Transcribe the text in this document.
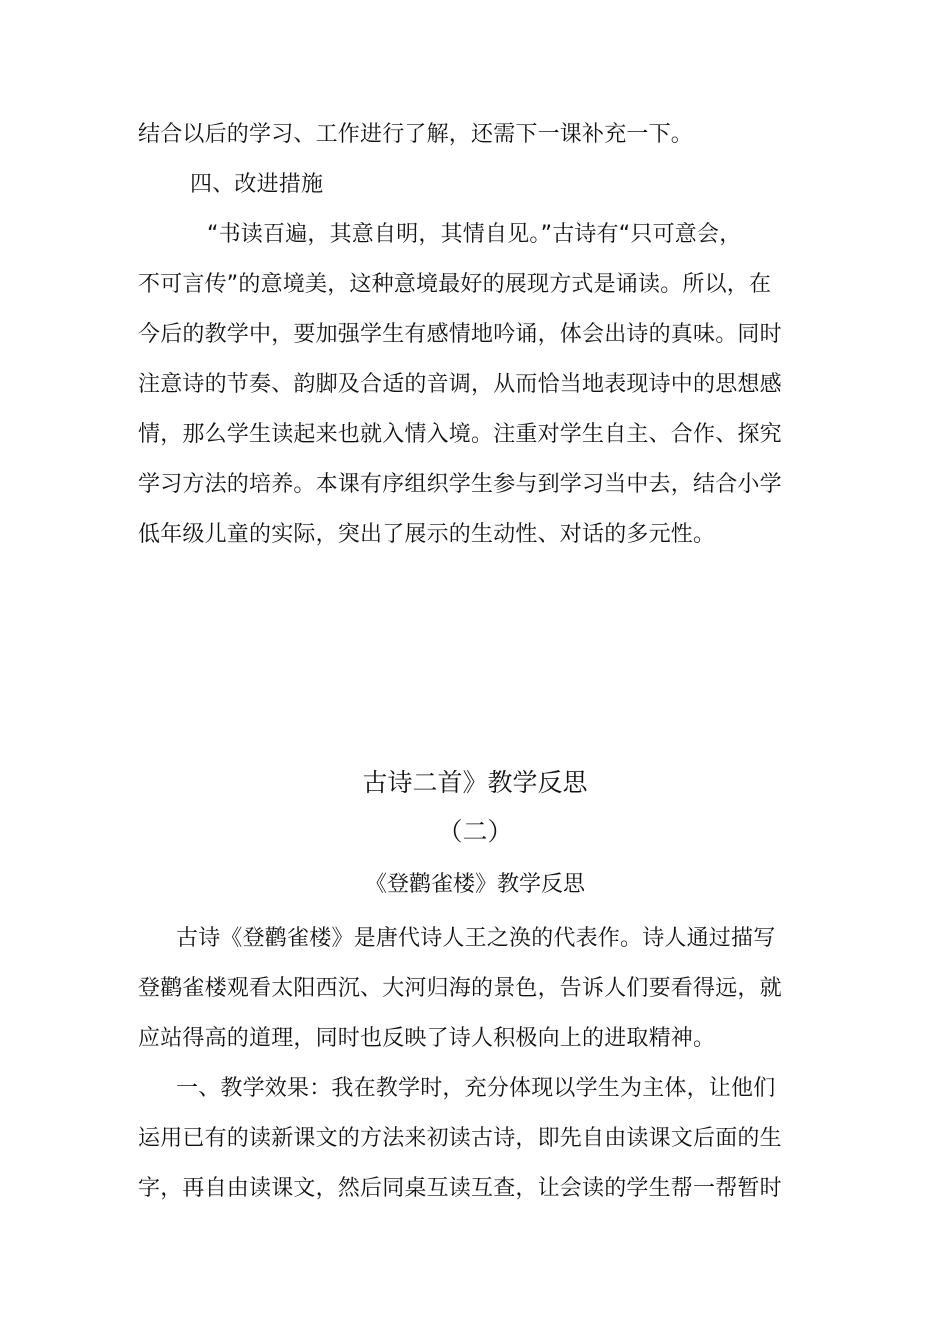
结合以后的学习、工作进行了解，还需下一课补充一下。
四、改进措施
“书读百遍，其意自明，其情自见。”古诗有“只可意会，
不可言传”的意境美，这种意境最好的展现方式是诵读。所以，在
今后的教学中，要加强学生有感情地吟诵，体会出诗的真味。同时
注意诗的节奏、韵脚及合适的音调，从而恰当地表现诗中的思想感
情，那么学生读起来也就入情入境。注重对学生自主、合作、探究
学习方法的培养。本课有序组织学生参与到学习当中去，结合小学
低年级儿童的实际，突出了展示的生动性、对话的多元性。
古诗二首》教学反思
（二）
《登鹳雀楼》教学反思
古诗《登鹳雀楼》是唐代诗人王之涣的代表作。诗人通过描写
登鹳雀楼观看太阳西沉、大河归海的景色，告诉人们要看得远，就
应站得高的道理，同时也反映了诗人积极向上的进取精神。
一、教学效果：我在教学时，充分体现以学生为主体，让他们
运用已有的读新课文的方法来初读古诗，即先自由读课文后面的生
字，再自由读课文，然后同桌互读互查，让会读的学生帮一帮暂时
